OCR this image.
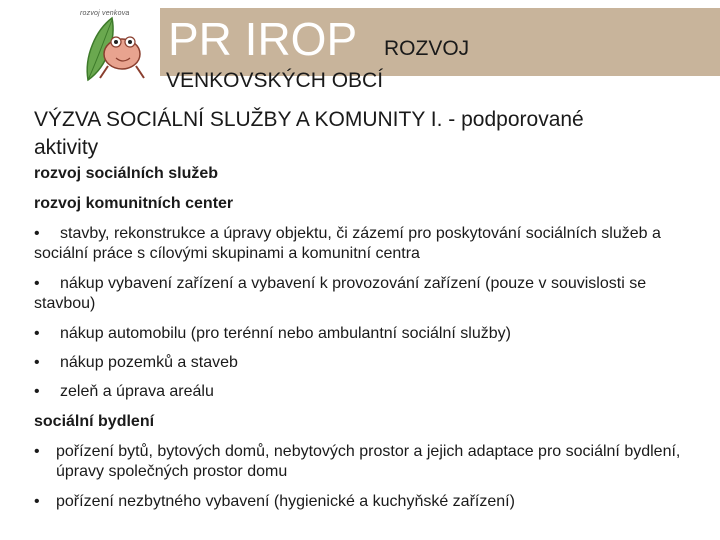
rozvoj venkova PR IROP ROZVOJ
VENKOVSKÝCH OBCÍ
VÝZVA SOCIÁLNÍ SLUŽBY A KOMUNITY I. - podporované
aktivity

rozvoj sociálních služeb

rozvoj komunitních center

• stavby, rekonstrukce a úpravy objektu, či zázemí pro poskytování sociálních služeb a sociální práce s cílovými skupinami a komunitní centra

• nákup vybavení zařízení a vybavení k provozování zařízení (pouze v souvislosti se stavbou)

• nákup automobilu (pro terénní nebo ambulantní sociální služby)

• nákup pozemků a staveb

• zeleň a úprava areálu

sociální bydlení

•	pořízení bytů, bytových domů, nebytových prostor a jejich adaptace pro sociální bydlení, úpravy společných prostor domu
•	pořízení nezbytného vybavení (hygienické a kuchyňské zařízení)
